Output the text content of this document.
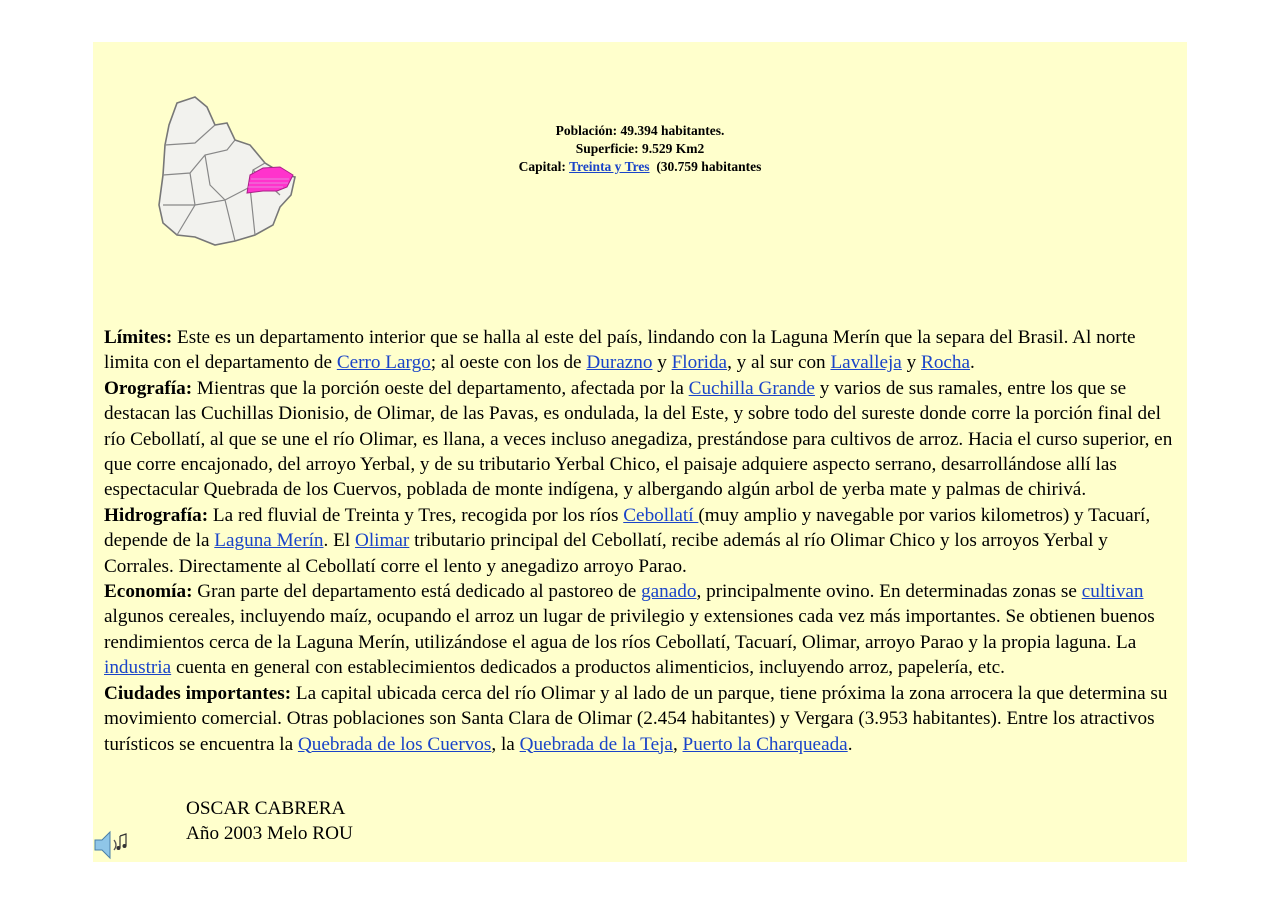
Población: 49.394 habitantes.
Superficie: 9.529 Km2
Capital: Treinta y Tres (30.759 habitantes

Límites: Este es un departamento interior que se halla al este del país, lindando con la Laguna Merín que la separa del Brasil. Al norte limita con el departamento de Cerro Largo; al oeste con los de Durazno y Florida, y al sur con Lavalleja y Rocha.

Orografía: Mientras que la porción oeste del departamento, afectada por la Cuchilla Grande y varios de sus ramales, entre los que se destacan las Cuchillas Dionisio, de Olimar, de las Pavas, es ondulada, la del Este, y sobre todo del sureste donde corre la porción final del río Cebollatí, al que se une el río Olimar, es llana, a veces incluso anegadiza, prestándose para cultivos de arroz. Hacia el curso superior, en que corre encajonado, del arroyo Yerbal, y de su tributario Yerbal Chico, el paisaje adquiere aspecto serrano, desarrollándose allí las espectacular Quebrada de los Cuervos, poblada de monte indígena, y albergando algún arbol de yerba mate y palmas de chirivá.

Hidrografía: La red fluvial de Treinta y Tres, recogida por los ríos Cebollatí (muy amplio y navegable por varios kilometros) y Tacuarí, depende de la Laguna Merín. El Olimar tributario principal del Cebollatí, recibe además al río Olimar Chico y los arroyos Yerbal y Corrales. Directamente al Cebollatí corre el lento y anegadizo arroyo Parao.

Economía: Gran parte del departamento está dedicado al pastoreo de ganado, principalmente ovino. En determinadas zonas se cultivan algunos cereales, incluyendo maíz, ocupando el arroz un lugar de privilegio y extensiones cada vez más importantes. Se obtienen buenos rendimientos cerca de la Laguna Merín, utilizándose el agua de los ríos Cebollatí, Tacuarí, Olimar, arroyo Parao y la propia laguna. La industria cuenta en general con establecimientos dedicados a productos alimenticios, incluyendo arroz, papelería, etc.

Ciudades importantes: La capital ubicada cerca del río Olimar y al lado de un parque, tiene próxima la zona arrocera la que determina su movimiento comercial. Otras poblaciones son Santa Clara de Olimar (2.454 habitantes) y Vergara (3.953 habitantes). Entre los atractivos turísticos se encuentra la Quebrada de los Cuervos, la Quebrada de la Teja, Puerto la Charqueada.

OSCAR CABRERA
Año 2003 Melo ROU
